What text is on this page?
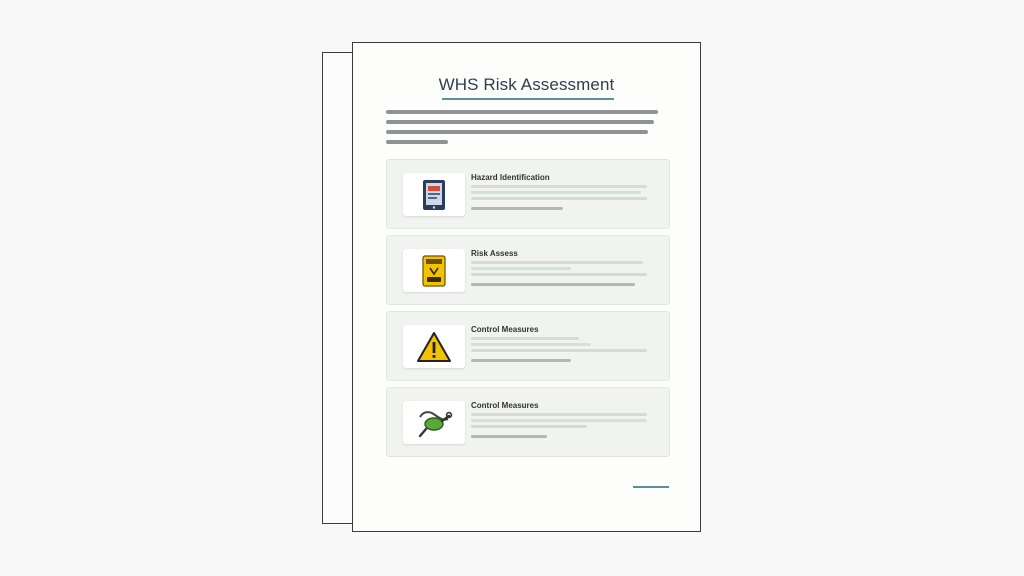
WHS Risk Assessment
Hazard Identification
Risk Assess
Control Measures
Control Measures
